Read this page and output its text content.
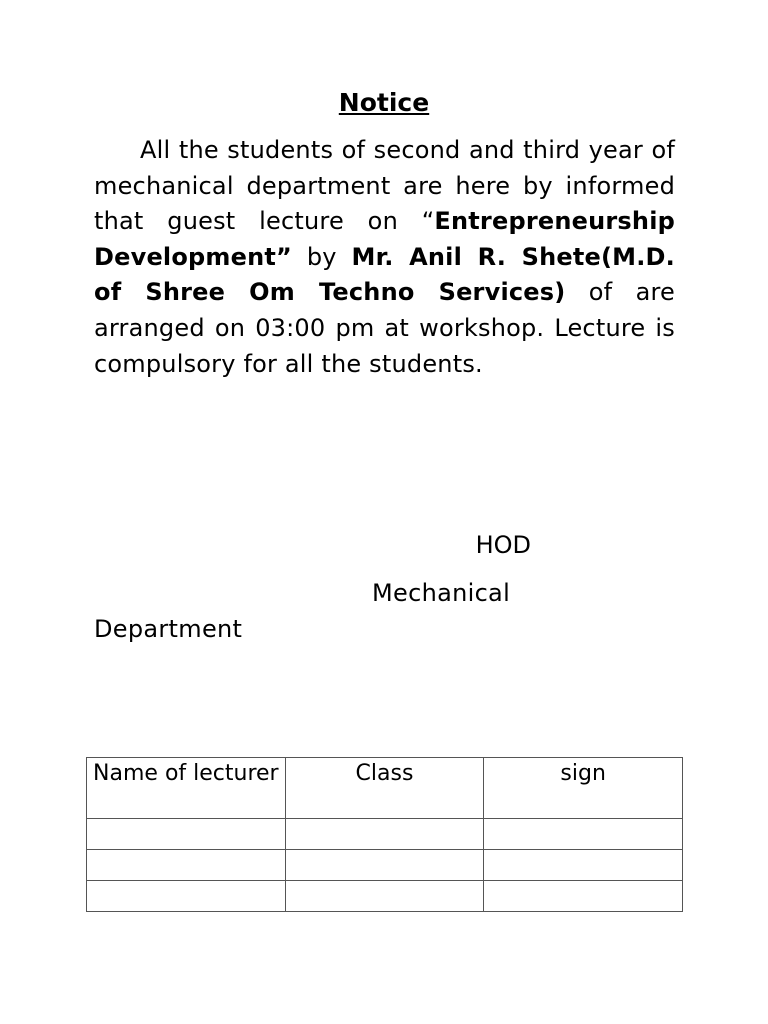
Notice

All the students of second and third year of mechanical department are here by informed that guest lecture on “Entrepreneurship Development” by Mr. Anil R. Shete(M.D. of Shree Om Techno Services) of are arranged on 03:00 pm at workshop. Lecture is compulsory for all the students.

HOD

Mechanical Department

Name of lecturer	Class	sign
